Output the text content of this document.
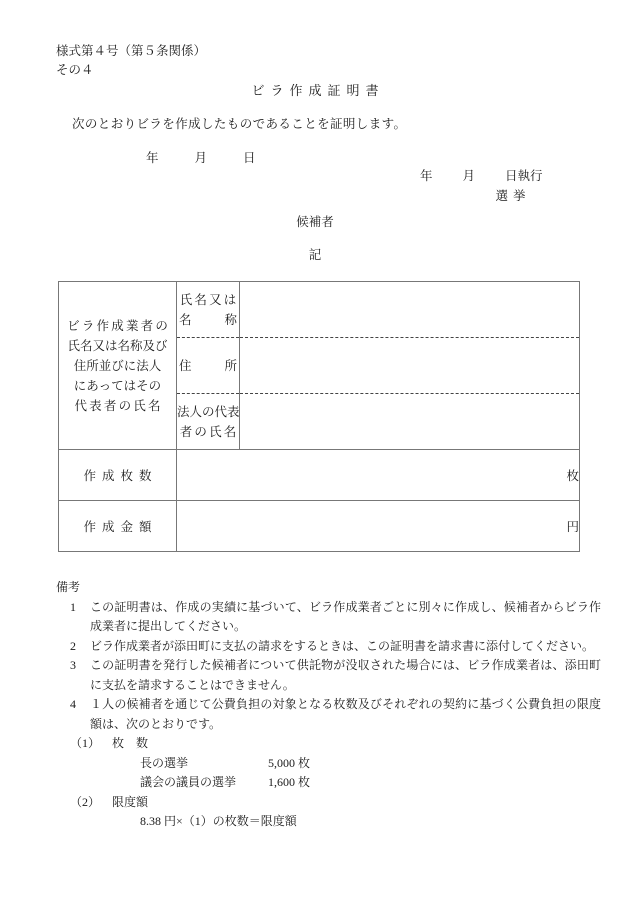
様式第４号（第５条関係）
その４
ビラ作成証明書
次のとおりビラを作成したものであることを証明します。
年	月	日
年 月 日執行
選挙
候補者
記
ビラ作成業者の
氏名又は名称及び
住所並びに法人
にあってはその
代表者の氏名

氏名又は
名	称

	住 所	

	法人の代表
者の氏名	

作成枚数	枚	
作成金額	円	
備考
1	この証明書は、作成の実績に基づいて、ビラ作成業者ごとに別々に作成し、候補者からビラ作成業者に提出してください。
2	ビラ作成業者が添田町に支払の請求をするときは、この証明書を請求書に添付してください。
3	この証明書を発行した候補者について供託物が没収された場合には、ビラ作成業者は、添田町に支払を請求することはできません。
4	１人の候補者を通じて公費負担の対象となる枚数及びそれぞれの契約に基づく公費負担の限度額は、次のとおりです。
（1） 枚　数
長の選挙	5,000 枚
議会の議員の選挙	1,600 枚
（2） 限度額
8.38 円×（1）の枚数＝限度額
